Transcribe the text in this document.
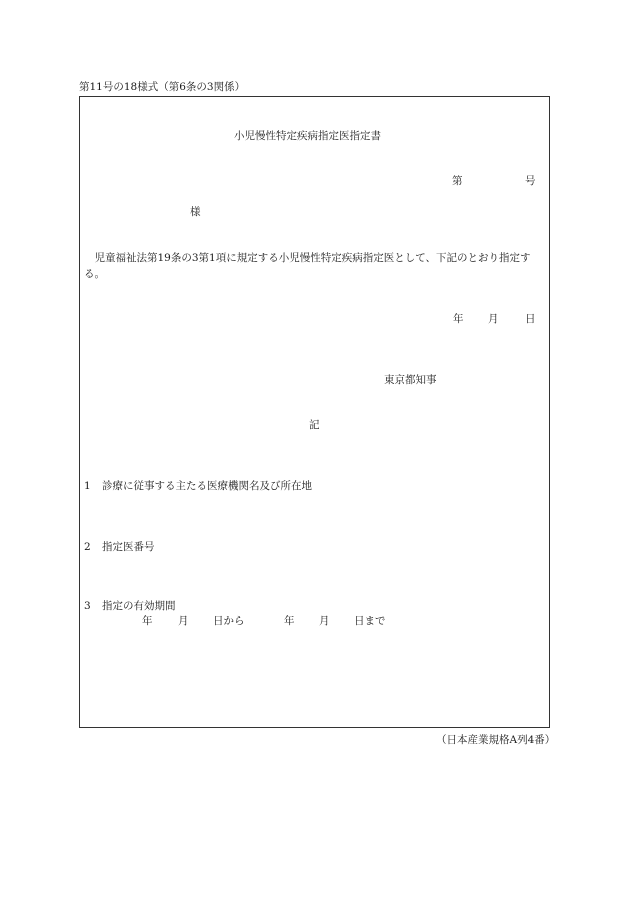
第11号の18様式（第6条の3関係）
小児慢性特定疾病指定医指定書
第	号
様
児童福祉法第19条の3第1項に規定する小児慢性特定疾病指定医として、下記のとおり指定する。
年 月	日
東京都知事
記
1 診療に従事する主たる医療機関名及び所在地
2 指定医番号
3 指定の有効期間
年 月 日から	年 月 日まで
（日本産業規格A列4番）
